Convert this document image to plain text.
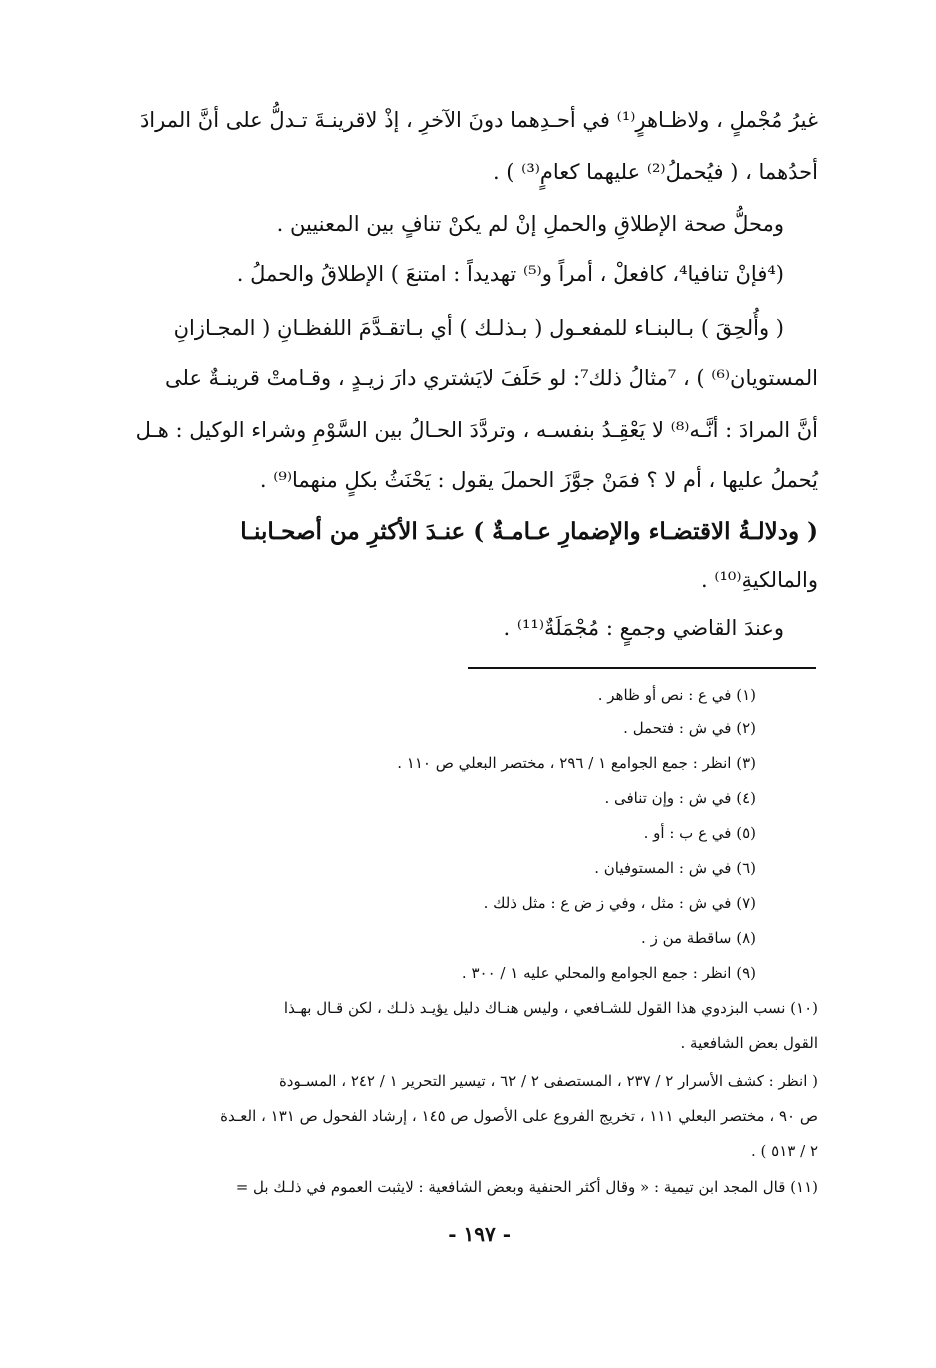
غيرُ مُجْملٍ ، ولاظـاهرٍ⁽¹⁾ في أحـدِهما دونَ الآخرِ ، إذْ لاقرينـةَ تـدلُّ على أنَّ المرادَ
أحدُهما ، ( فيُحملُ⁽²⁾ عليهما كعامٍ⁽³⁾ ) .
ومحلُّ صحة الإطلاقِ والحملِ إنْ لم يكنْ تنافٍ بين المعنيين .
(⁴فإنْ تنافيا⁴، كافعلْ ، أمراً و⁽⁵⁾ تهديداً : امتنعَ ) الإطلاقُ والحملُ .
( وأُلحِقَ ) بـالبنـاء للمفعـول ( بـذلـك ) أي بـاتقـدَّمَ اللفظـانِ ( المجـازانِ
المستويان⁽⁶⁾ ) ، ⁷مثالُ ذلك⁷: لو حَلَفَ لايَشتري دارَ زيـدٍ ، وقـامتْ قرينـةٌ على
أنَّ المرادَ : أنَّـه⁽⁸⁾ لا يَعْقِـدُ بنفسـه ، وتردَّدَ الحـالُ بين السَّوْمِ وشراء الوكيل : هـل
يُحملُ عليها ، أم لا ؟ فمَنْ جوَّزَ الحملَ يقول : يَحْنَثُ بكلٍ منهما⁽⁹⁾ .
( ودلالـةُ الاقتضـاء والإضمارِ عـامـةٌ ) عنـدَ الأكثرِ من أصحـابنـا
والمالكيةِ⁽¹⁰⁾ .
وعندَ القاضي وجمعٍ : مُجْمَلَةٌ⁽¹¹⁾ .
(١) في ع : نص أو ظاهر .
(٢) في ش : فتحمل .
(٣) انظر : جمع الجوامع ١ / ٢٩٦ ، مختصر البعلي ص ١١٠ .
(٤) في ش : وإن تنافى .
(٥) في ع ب : أو .
(٦) في ش : المستوفيان .
(٧) في ش : مثل ، وفي ز ض ع : مثل ذلك .
(٨) ساقطة من ز .
(٩) انظر : جمع الجوامع والمحلي عليه ١ / ٣٠٠ .
(١٠) نسب البزدوي هذا القول للشـافعي ، وليس هنـاك دليل يؤيـد ذلـك ، لكن قـال بهـذا
القول بعض الشافعية .
( انظر : كشف الأسرار ٢ / ٢٣٧ ، المستصفى ٢ / ٦٢ ، تيسير التحرير ١ / ٢٤٢ ، المسـودة
ص ٩٠ ، مختصر البعلي ١١١ ، تخريج الفروع على الأصول ص ١٤٥ ، إرشاد الفحول ص ١٣١ ، العـدة
٢ / ٥١٣ ) .
(١١) قال المجد ابن تيمية : « وقال أكثر الحنفية وبعض الشافعية : لايثبت العموم في ذلـك بل =
- ١٩٧ -
